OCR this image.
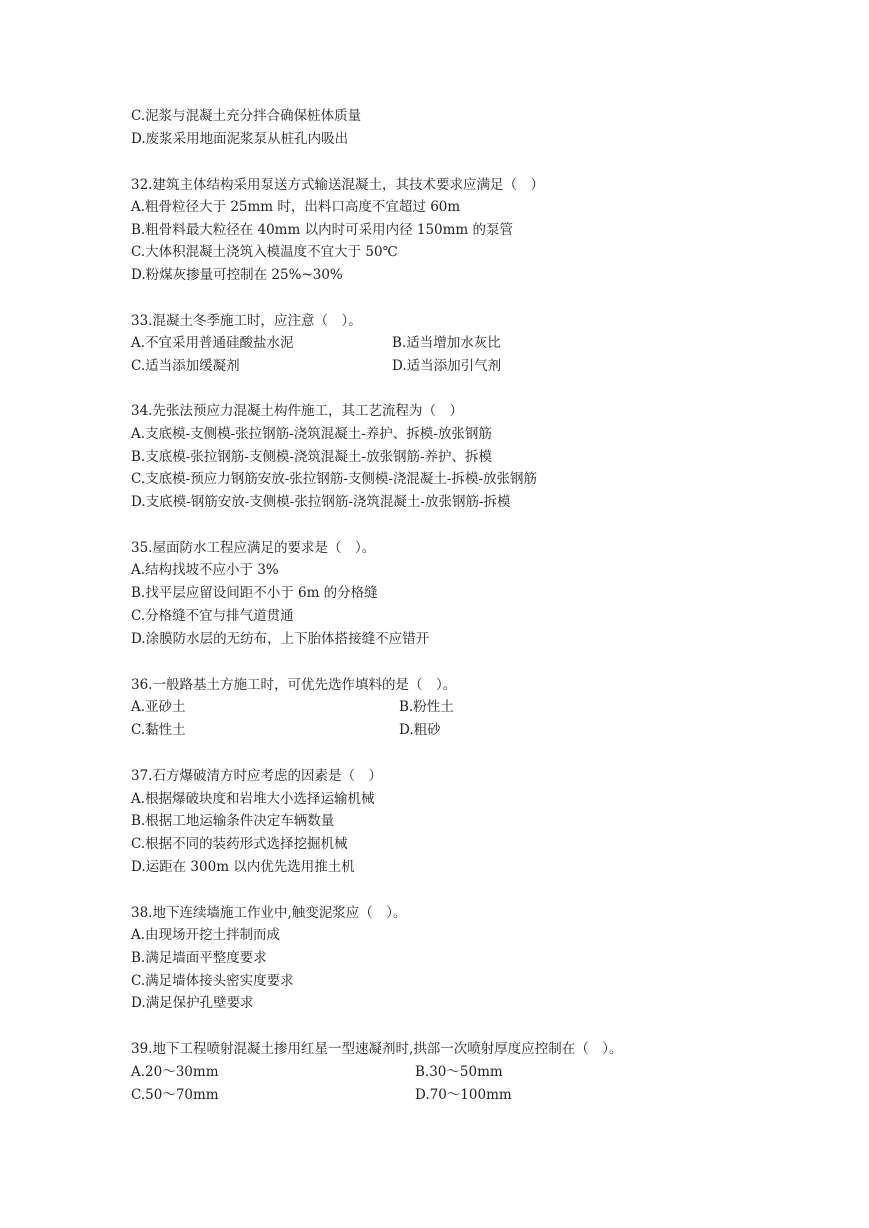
C.泥浆与混凝土充分拌合确保桩体质量
D.废浆采用地面泥浆泵从桩孔内吸出
32.建筑主体结构采用泵送方式输送混凝土，其技术要求应满足（　）
A.粗骨粒径大于 25mm 时，出料口高度不宜超过 60m
B.粗骨料最大粒径在 40mm 以内时可采用内径 150mm 的泵管
C.大体积混凝土浇筑入模温度不宜大于 50℃
D.粉煤灰掺量可控制在 25%~30%
33.混凝土冬季施工时，应注意（　）。
A.不宜采用普通硅酸盐水泥	B.适当增加水灰比
C.适当添加缓凝剂	D.适当添加引气剂
34.先张法预应力混凝土构件施工，其工艺流程为（　）
A.支底模-支侧模-张拉钢筋-浇筑混凝土-养护、拆模-放张钢筋
B.支底模-张拉钢筋-支侧模-浇筑混凝土-放张钢筋-养护、拆模
C.支底模-预应力钢筋安放-张拉钢筋-支侧模-浇混凝土-拆模-放张钢筋
D.支底模-钢筋安放-支侧模-张拉钢筋-浇筑混凝土-放张钢筋-拆模
35.屋面防水工程应满足的要求是（　）。
A.结构找坡不应小于 3%
B.找平层应留设间距不小于 6m 的分格缝
C.分格缝不宜与排气道贯通
D.涂膜防水层的无纺布，上下胎体搭接缝不应错开
36.一般路基土方施工时，可优先选作填料的是（　）。
A.亚砂土	B.粉性土
C.黏性土	D.粗砂
37.石方爆破清方时应考虑的因素是（　）
A.根据爆破块度和岩堆大小选择运输机械
B.根据工地运输条件决定车辆数量
C.根据不同的装药形式选择挖掘机械
D.运距在 300m 以内优先选用推土机
38.地下连续墙施工作业中,触变泥浆应（　）。
A.由现场开挖土拌制而成
B.满足墙面平整度要求
C.满足墙体接头密实度要求
D.满足保护孔壁要求
39.地下工程喷射混凝土掺用红星一型速凝剂时,拱部一次喷射厚度应控制在（　）。
A.20～30mm	B.30～50mm
C.50～70mm	D.70～100mm
